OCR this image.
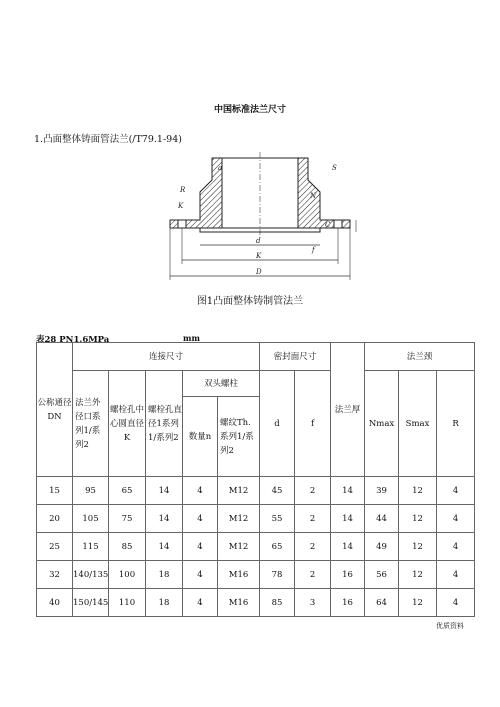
中国标准法兰尺寸
1.凸面整体铸面管法兰(/T79.1-94)
R
K
d
K
D
C
f
N
S
a
图1凸面整体铸制管法兰
表28 PN1.6MPa	mm
公称通径DN	连接尺寸					密封面尺寸		法兰厚	法兰颈		
	法兰外径口系列1/系列2	螺栓孔中心圆直径K	螺栓孔直径1系列1/系列2	双头螺柱		d	f		Nmax	Smax	R
				数量n	螺纹Th.系列1/系列2						
15	95	65	14	4	M12	45	2	14	39	12	4
20	105	75	14	4	M12	55	2	14	44	12	4
25	115	85	14	4	M12	65	2	14	49	12	4
32	140/135	100	18	4	M16	78	2	16	56	12	4
40	150/145	110	18	4	M16	85	3	16	64	12	4
优质资料
